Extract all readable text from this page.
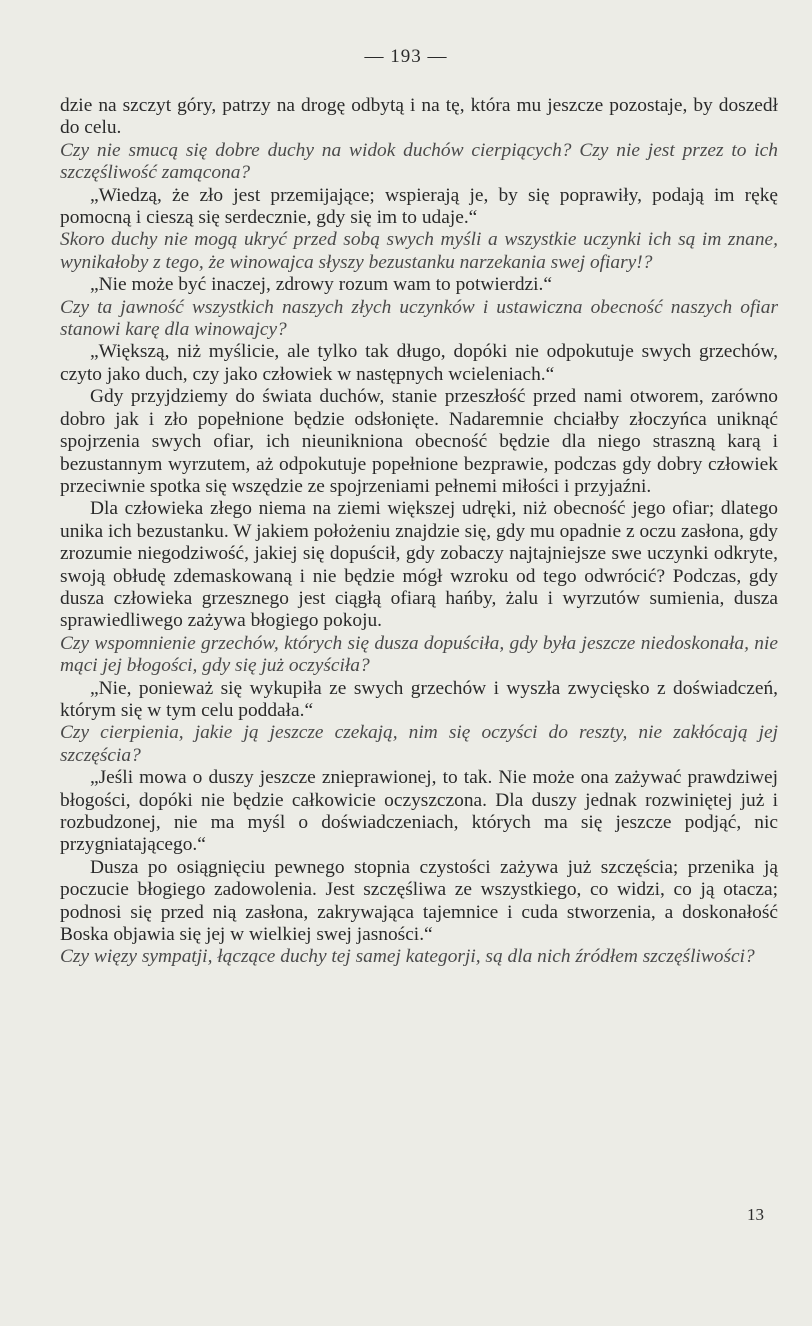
— 193 —

dzie na szczyt góry, patrzy na drogę odbytą i na tę, która mu jeszcze pozostaje, by doszedł do celu.

Czy nie smucą się dobre duchy na widok duchów cierpiących? Czy nie jest przez to ich szczęśliwość zamącona?

„Wiedzą, że zło jest przemijające; wspierają je, by się poprawiły, podają im rękę pomocną i cieszą się serdecznie, gdy się im to udaje.“

Skoro duchy nie mogą ukryć przed sobą swych myśli a wszystkie uczynki ich są im znane, wynikałoby z tego, że winowajca słyszy bezustanku narzekania swej ofiary!?

„Nie może być inaczej, zdrowy rozum wam to potwierdzi.“

Czy ta jawność wszystkich naszych złych uczynków i ustawiczna obecność naszych ofiar stanowi karę dla winowajcy?

„Większą, niż myślicie, ale tylko tak długo, dopóki nie odpokutuje swych grzechów, czyto jako duch, czy jako człowiek w następnych wcieleniach.“

Gdy przyjdziemy do świata duchów, stanie przeszłość przed nami otworem, zarówno dobro jak i zło popełnione będzie odsłonięte. Nadaremnie chciałby złoczyńca uniknąć spojrzenia swych ofiar, ich nieunikniona obecność będzie dla niego straszną karą i bezustannym wyrzutem, aż odpokutuje popełnione bezprawie, podczas gdy dobry człowiek przeciwnie spotka się wszędzie ze spojrzeniami pełnemi miłości i przyjaźni.

Dla człowieka złego niema na ziemi większej udręki, niż obecność jego ofiar; dlatego unika ich bezustanku. W jakiem położeniu znajdzie się, gdy mu opadnie z oczu zasłona, gdy zrozumie niegodziwość, jakiej się dopuścił, gdy zobaczy najtajniejsze swe uczynki odkryte, swoją obłudę zdemaskowaną i nie będzie mógł wzroku od tego odwrócić? Podczas, gdy dusza człowieka grzesznego jest ciągłą ofiarą hańby, żalu i wyrzutów sumienia, dusza sprawiedliwego zażywa błogiego pokoju.

Czy wspomnienie grzechów, których się dusza dopuściła, gdy była jeszcze niedoskonała, nie mąci jej błogości, gdy się już oczyściła?

„Nie, ponieważ się wykupiła ze swych grzechów i wyszła zwycięsko z doświadczeń, którym się w tym celu poddała.“

Czy cierpienia, jakie ją jeszcze czekają, nim się oczyści do reszty, nie zakłócają jej szczęścia?

„Jeśli mowa o duszy jeszcze znieprawionej, to tak. Nie może ona zażywać prawdziwej błogości, dopóki nie będzie całkowicie oczyszczona. Dla duszy jednak rozwiniętej już i rozbudzonej, nie ma myśl o doświadczeniach, których ma się jeszcze podjąć, nic przygniatającego.“

Dusza po osiągnięciu pewnego stopnia czystości zażywa już szczęścia; przenika ją poczucie błogiego zadowolenia. Jest szczęśliwa ze wszystkiego, co widzi, co ją otacza; podnosi się przed nią zasłona, zakrywająca tajemnice i cuda stworzenia, a doskonałość Boska objawia się jej w wielkiej swej jasności.“

Czy więzy sympatji, łączące duchy tej samej kategorji, są dla nich źródłem szczęśliwości?

13
